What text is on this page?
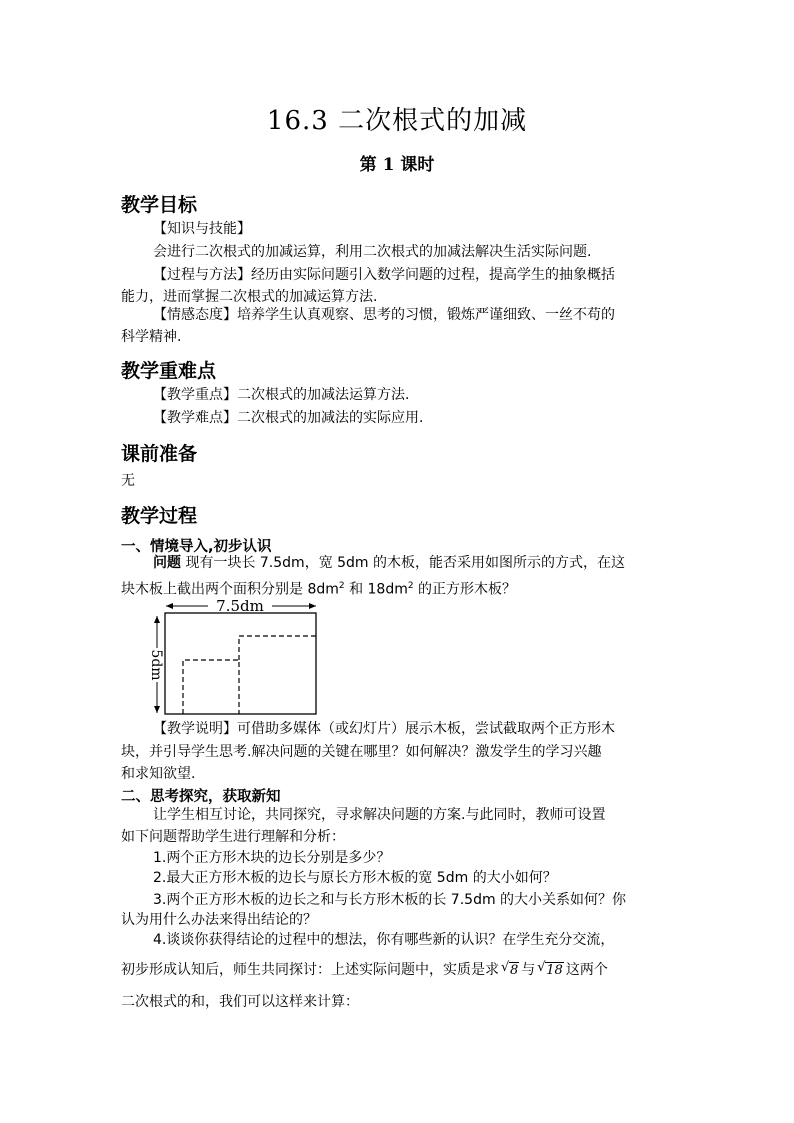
16.3 二次根式的加减
第 1 课时
教学目标
【知识与技能】
会进行二次根式的加减运算，利用二次根式的加减法解决生活实际问题.
【过程与方法】经历由实际问题引入数学问题的过程，提高学生的抽象概括
能力，进而掌握二次根式的加减运算方法.
【情感态度】培养学生认真观察、思考的习惯，锻炼严谨细致、一丝不苟的
科学精神.
教学重难点
【教学重点】二次根式的加减法运算方法.
【教学难点】二次根式的加减法的实际应用.
课前准备
无
教学过程
一、情境导入,初步认识
问题 现有一块长 7.5dm，宽 5dm 的木板，能否采用如图所示的方式，在这
块木板上截出两个面积分别是 $8dm^2$ 和 $18dm^2$ 的正方形木板？
7.5dm
5dm
【教学说明】可借助多媒体（或幻灯片）展示木板，尝试截取两个正方形木
块，并引导学生思考.解决问题的关键在哪里？如何解决？激发学生的学习兴趣
和求知欲望.
二、思考探究，获取新知
让学生相互讨论，共同探究，寻求解决问题的方案.与此同时，教师可设置
如下问题帮助学生进行理解和分析：
1.两个正方形木块的边长分别是多少？
2.最大正方形木板的边长与原长方形木板的宽 5dm 的大小如何？
3.两个正方形木板的边长之和与长方形木板的长 7.5dm 的大小关系如何？你
认为用什么办法来得出结论的？
4.谈谈你获得结论的过程中的想法，你有哪些新的认识？在学生充分交流，
初步形成认知后，师生共同探讨：上述实际问题中，实质是求 √ 8 与 √ 18 这两个
二次根式的和，我们可以这样来计算：
